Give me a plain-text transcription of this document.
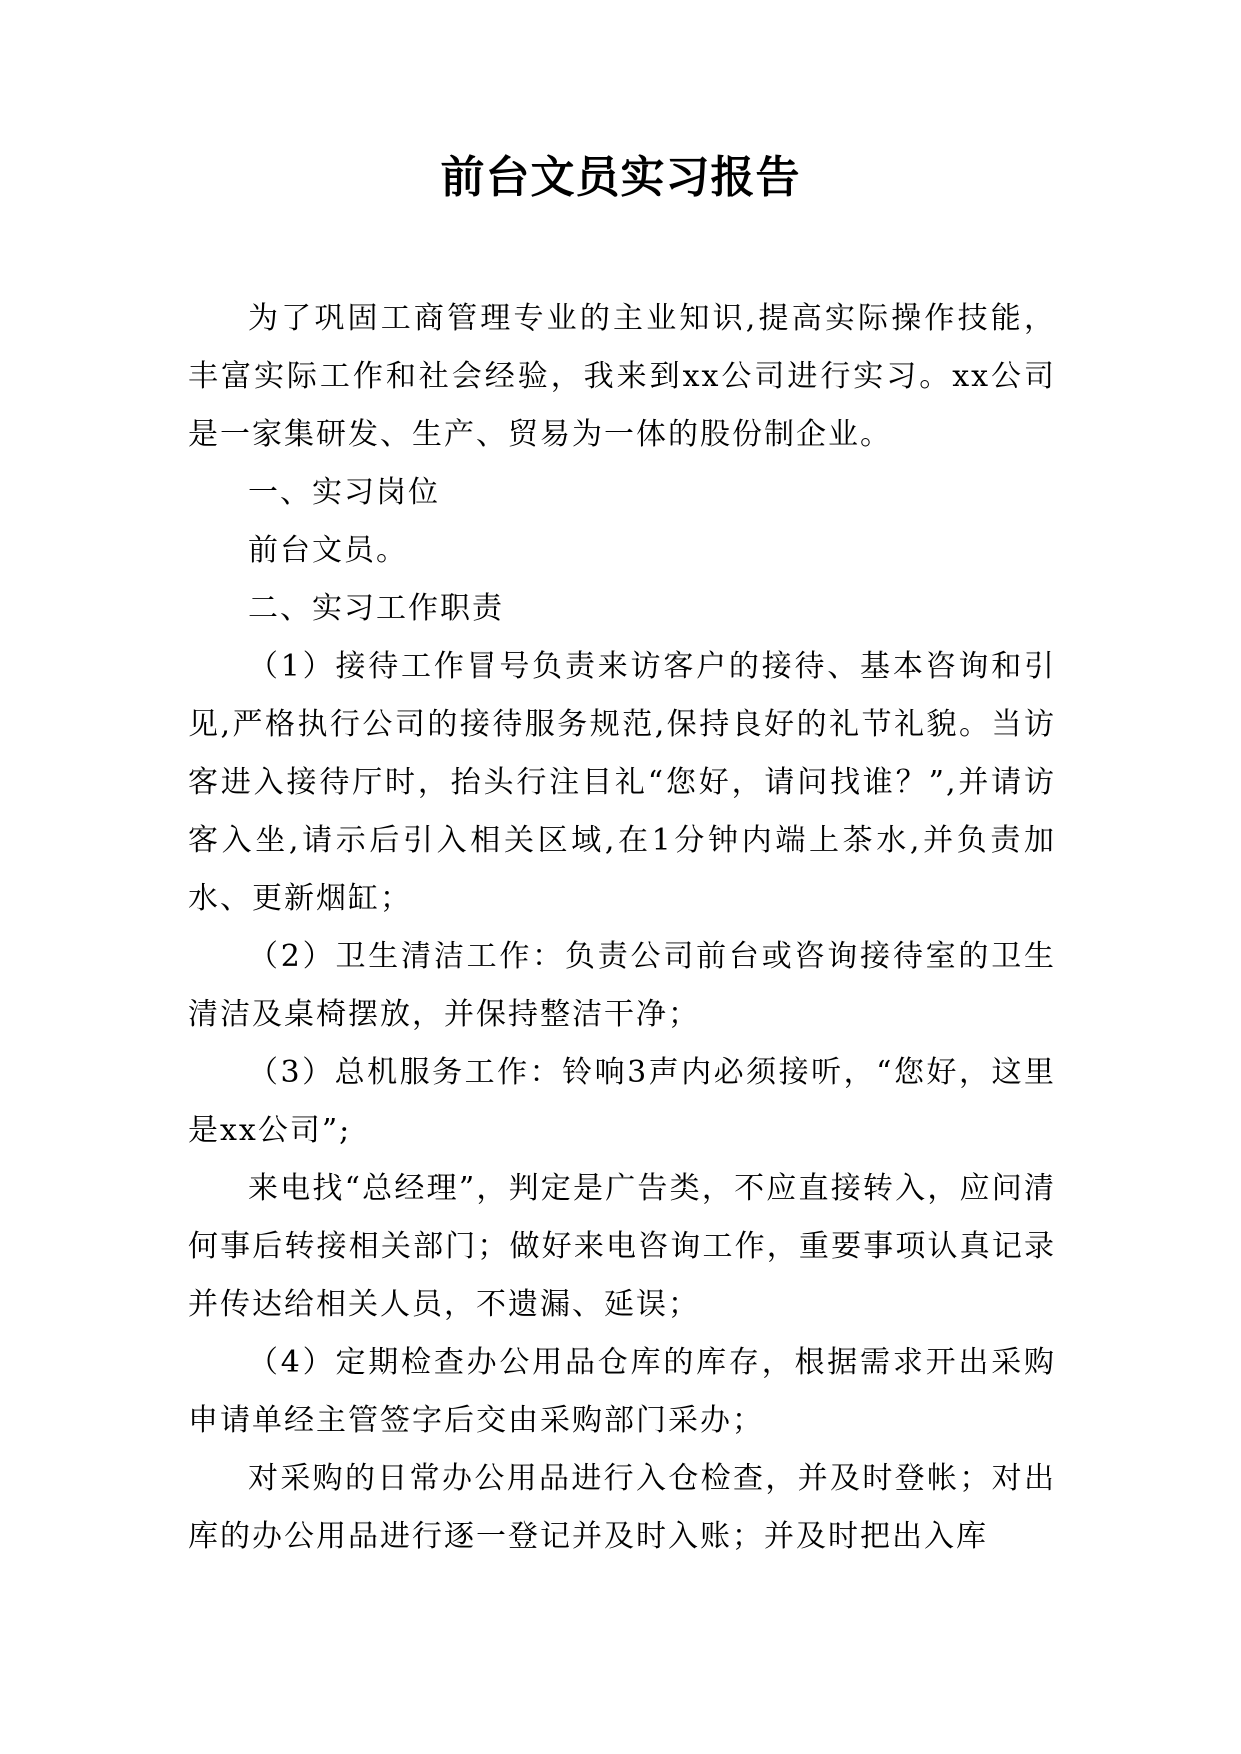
前台文员实习报告

为了巩固工商管理专业的主业知识,提高实际操作技能，丰富实际工作和社会经验，我来到xx公司进行实习。xx公司是一家集研发、生产、贸易为一体的股份制企业。

一、实习岗位

前台文员。

二、实习工作职责

（1）接待工作冒号负责来访客户的接待、基本咨询和引见,严格执行公司的接待服务规范,保持良好的礼节礼貌。当访客进入接待厅时，抬头行注目礼“您好，请问找谁？”,并请访客入坐,请示后引入相关区域,在1分钟内端上茶水,并负责加水、更新烟缸；

（2）卫生清洁工作：负责公司前台或咨询接待室的卫生清洁及桌椅摆放，并保持整洁干净；

（3）总机服务工作：铃响3声内必须接听，“您好，这里是xx公司”;

来电找“总经理”，判定是广告类，不应直接转入，应问清何事后转接相关部门；做好来电咨询工作，重要事项认真记录并传达给相关人员，不遗漏、延误；

（4）定期检查办公用品仓库的库存，根据需求开出采购申请单经主管签字后交由采购部门采办；

对采购的日常办公用品进行入仓检查，并及时登帐；对出库的办公用品进行逐一登记并及时入账；并及时把出入库
